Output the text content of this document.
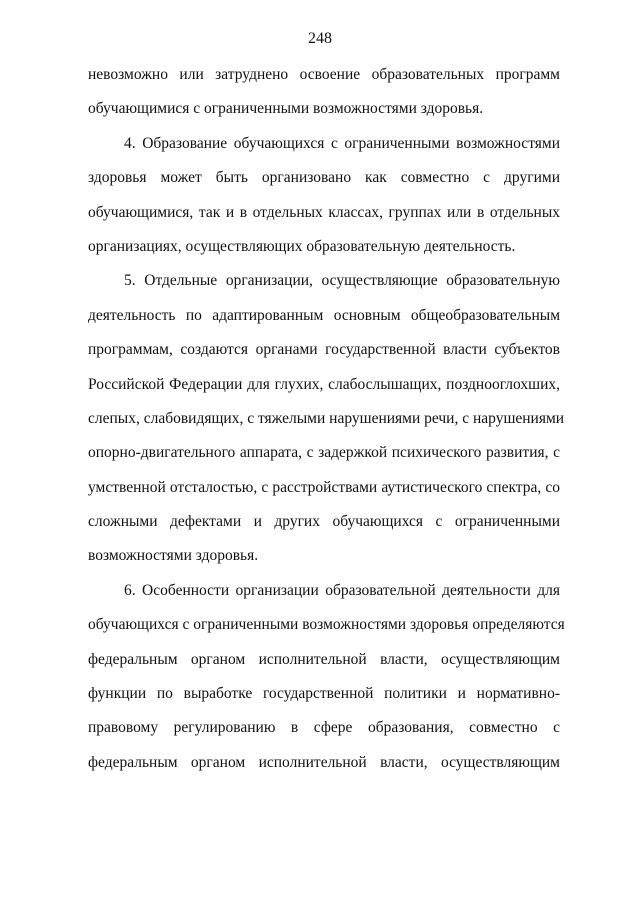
248
невозможно или затруднено освоение образовательных программ
обучающимися с ограниченными возможностями здоровья.
4. Образование обучающихся с ограниченными возможностями
здоровья может быть организовано как совместно с другими
обучающимися, так и в отдельных классах, группах или в отдельных
организациях, осуществляющих образовательную деятельность.
5. Отдельные организации, осуществляющие образовательную
деятельность по адаптированным основным общеобразовательным
программам, создаются органами государственной власти субъектов
Российской Федерации для глухих, слабослышащих, позднооглохших,
слепых, слабовидящих, с тяжелыми нарушениями речи, с нарушениями
опорно-двигательного аппарата, с задержкой психического развития, с
умственной отсталостью, с расстройствами аутистического спектра, со
сложными дефектами и других обучающихся с ограниченными
возможностями здоровья.
6. Особенности организации образовательной деятельности для
обучающихся с ограниченными возможностями здоровья определяются
федеральным органом исполнительной власти, осуществляющим
функции по выработке государственной политики и нормативно-
правовому регулированию в сфере образования, совместно с
федеральным органом исполнительной власти, осуществляющим
